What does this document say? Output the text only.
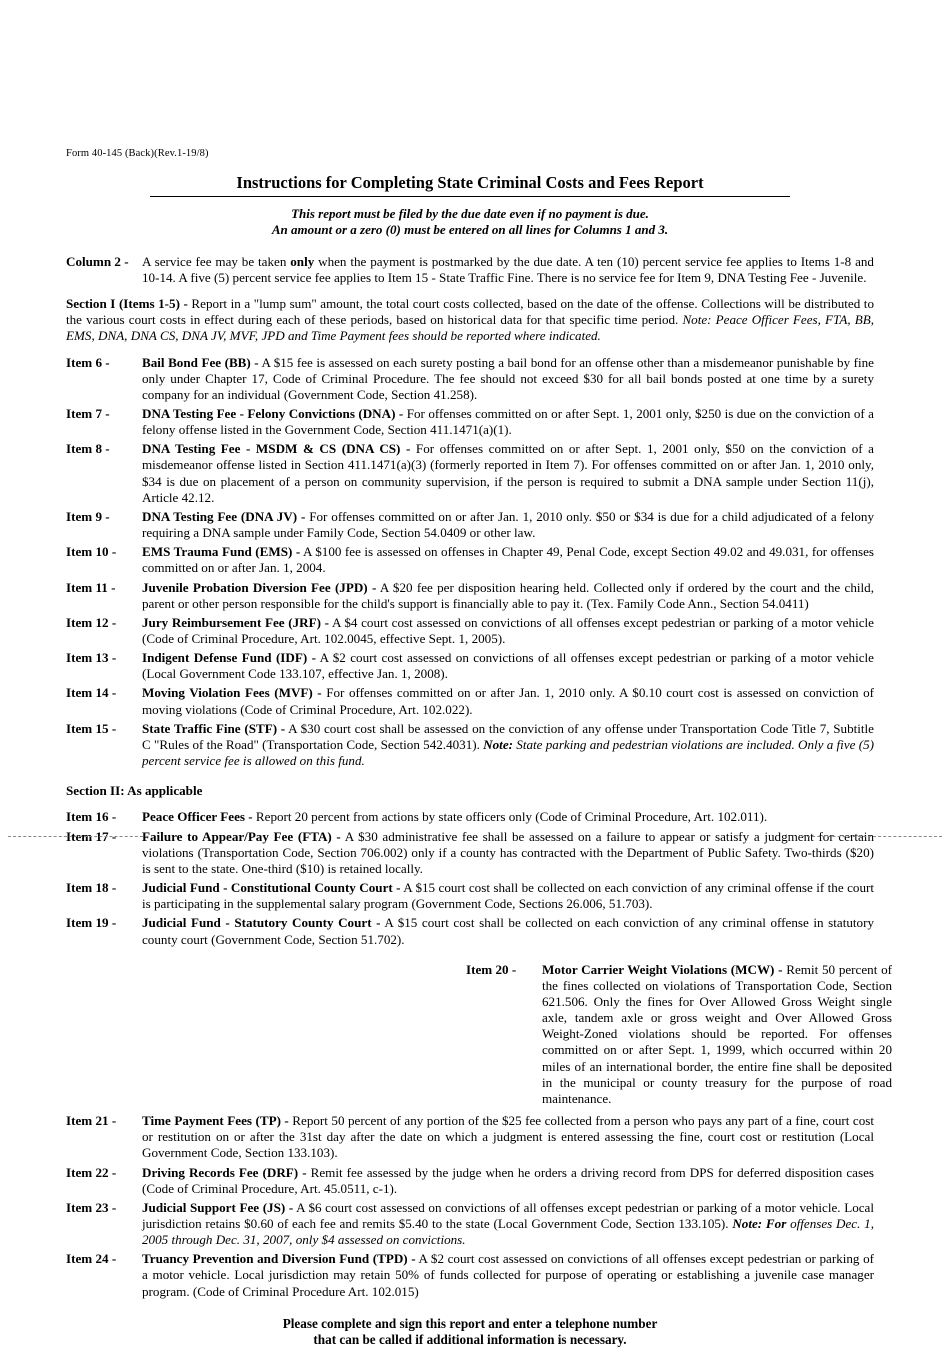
Form 40-145 (Back)(Rev.1-19/8)
Instructions for Completing State Criminal Costs and Fees Report
This report must be filed by the due date even if no payment is due.
An amount or a zero (0) must be entered on all lines for Columns 1 and 3.
Column 2 - A service fee may be taken only when the payment is postmarked by the due date. A ten (10) percent service fee applies to Items 1-8 and 10-14. A five (5) percent service fee applies to Item 15 - State Traffic Fine. There is no service fee for Item 9, DNA Testing Fee - Juvenile.
Section I (Items 1-5) - Report in a "lump sum" amount, the total court costs collected, based on the date of the offense. Collections will be distributed to the various court costs in effect during each of these periods, based on historical data for that specific time period. Note: Peace Officer Fees, FTA, BB, EMS, DNA, DNA CS, DNA JV, MVF, JPD and Time Payment fees should be reported where indicated.
Item 6 - Bail Bond Fee (BB) - A $15 fee is assessed on each surety posting a bail bond for an offense other than a misdemeanor punishable by fine only under Chapter 17, Code of Criminal Procedure. The fee should not exceed $30 for all bail bonds posted at one time by a surety company for an individual (Government Code, Section 41.258).
Item 7 - DNA Testing Fee - Felony Convictions (DNA) - For offenses committed on or after Sept. 1, 2001 only, $250 is due on the conviction of a felony offense listed in the Government Code, Section 411.1471(a)(1).
Item 8 - DNA Testing Fee - MSDM & CS (DNA CS) - For offenses committed on or after Sept. 1, 2001 only, $50 on the conviction of a misdemeanor offense listed in Section 411.1471(a)(3) (formerly reported in Item 7). For offenses committed on or after Jan. 1, 2010 only, $34 is due on placement of a person on community supervision, if the person is required to submit a DNA sample under Section 11(j), Article 42.12.
Item 9 - DNA Testing Fee (DNA JV) - For offenses committed on or after Jan. 1, 2010 only. $50 or $34 is due for a child adjudicated of a felony requiring a DNA sample under Family Code, Section 54.0409 or other law.
Item 10 - EMS Trauma Fund (EMS) - A $100 fee is assessed on offenses in Chapter 49, Penal Code, except Section 49.02 and 49.031, for offenses committed on or after Jan. 1, 2004.
Item 11 - Juvenile Probation Diversion Fee (JPD) - A $20 fee per disposition hearing held. Collected only if ordered by the court and the child, parent or other person responsible for the child's support is financially able to pay it. (Tex. Family Code Ann., Section 54.0411)
Item 12 - Jury Reimbursement Fee (JRF) - A $4 court cost assessed on convictions of all offenses except pedestrian or parking of a motor vehicle (Code of Criminal Procedure, Art. 102.0045, effective Sept. 1, 2005).
Item 13 - Indigent Defense Fund (IDF) - A $2 court cost assessed on convictions of all offenses except pedestrian or parking of a motor vehicle (Local Government Code 133.107, effective Jan. 1, 2008).
Item 14 - Moving Violation Fees (MVF) - For offenses committed on or after Jan. 1, 2010 only. A $0.10 court cost is assessed on conviction of moving violations (Code of Criminal Procedure, Art. 102.022).
Item 15 - State Traffic Fine (STF) - A $30 court cost shall be assessed on the conviction of any offense under Transportation Code Title 7, Subtitle C "Rules of the Road" (Transportation Code, Section 542.4031). Note: State parking and pedestrian violations are included. Only a five (5) percent service fee is allowed on this fund.
Section II: As applicable
Item 16 - Peace Officer Fees - Report 20 percent from actions by state officers only (Code of Criminal Procedure, Art. 102.011).
Item 17 - Failure to Appear/Pay Fee (FTA) - A $30 administrative fee shall be assessed on a failure to appear or satisfy a judgment for certain violations (Transportation Code, Section 706.002) only if a county has contracted with the Department of Public Safety. Two-thirds ($20) is sent to the state. One-third ($10) is retained locally.
Item 18 - Judicial Fund - Constitutional County Court - A $15 court cost shall be collected on each conviction of any criminal offense if the court is participating in the supplemental salary program (Government Code, Sections 26.006, 51.703).
Item 19 - Judicial Fund - Statutory County Court - A $15 court cost shall be collected on each conviction of any criminal offense in statutory county court (Government Code, Section 51.702).
Item 20 - Motor Carrier Weight Violations (MCW) - Remit 50 percent of the fines collected on violations of Transportation Code, Section 621.506. Only the fines for Over Allowed Gross Weight single axle, tandem axle or gross weight and Over Allowed Gross Weight-Zoned violations should be reported. For offenses committed on or after Sept. 1, 1999, which occurred within 20 miles of an international border, the entire fine shall be deposited in the municipal or county treasury for the purpose of road maintenance.
Item 21 - Time Payment Fees (TP) - Report 50 percent of any portion of the $25 fee collected from a person who pays any part of a fine, court cost or restitution on or after the 31st day after the date on which a judgment is entered assessing the fine, court cost or restitution (Local Government Code, Section 133.103).
Item 22 - Driving Records Fee (DRF) - Remit fee assessed by the judge when he orders a driving record from DPS for deferred disposition cases (Code of Criminal Procedure, Art. 45.0511, c-1).
Item 23 - Judicial Support Fee (JS) - A $6 court cost assessed on convictions of all offenses except pedestrian or parking of a motor vehicle. Local jurisdiction retains $0.60 of each fee and remits $5.40 to the state (Local Government Code, Section 133.105). Note: For offenses Dec. 1, 2005 through Dec. 31, 2007, only $4 assessed on convictions.
Item 24 - Truancy Prevention and Diversion Fund (TPD) - A $2 court cost assessed on convictions of all offenses except pedestrian or parking of a motor vehicle. Local jurisdiction may retain 50% of funds collected for purpose of operating or establishing a juvenile case manager program. (Code of Criminal Procedure Art. 102.015)
Please complete and sign this report and enter a telephone number
that can be called if additional information is necessary.
